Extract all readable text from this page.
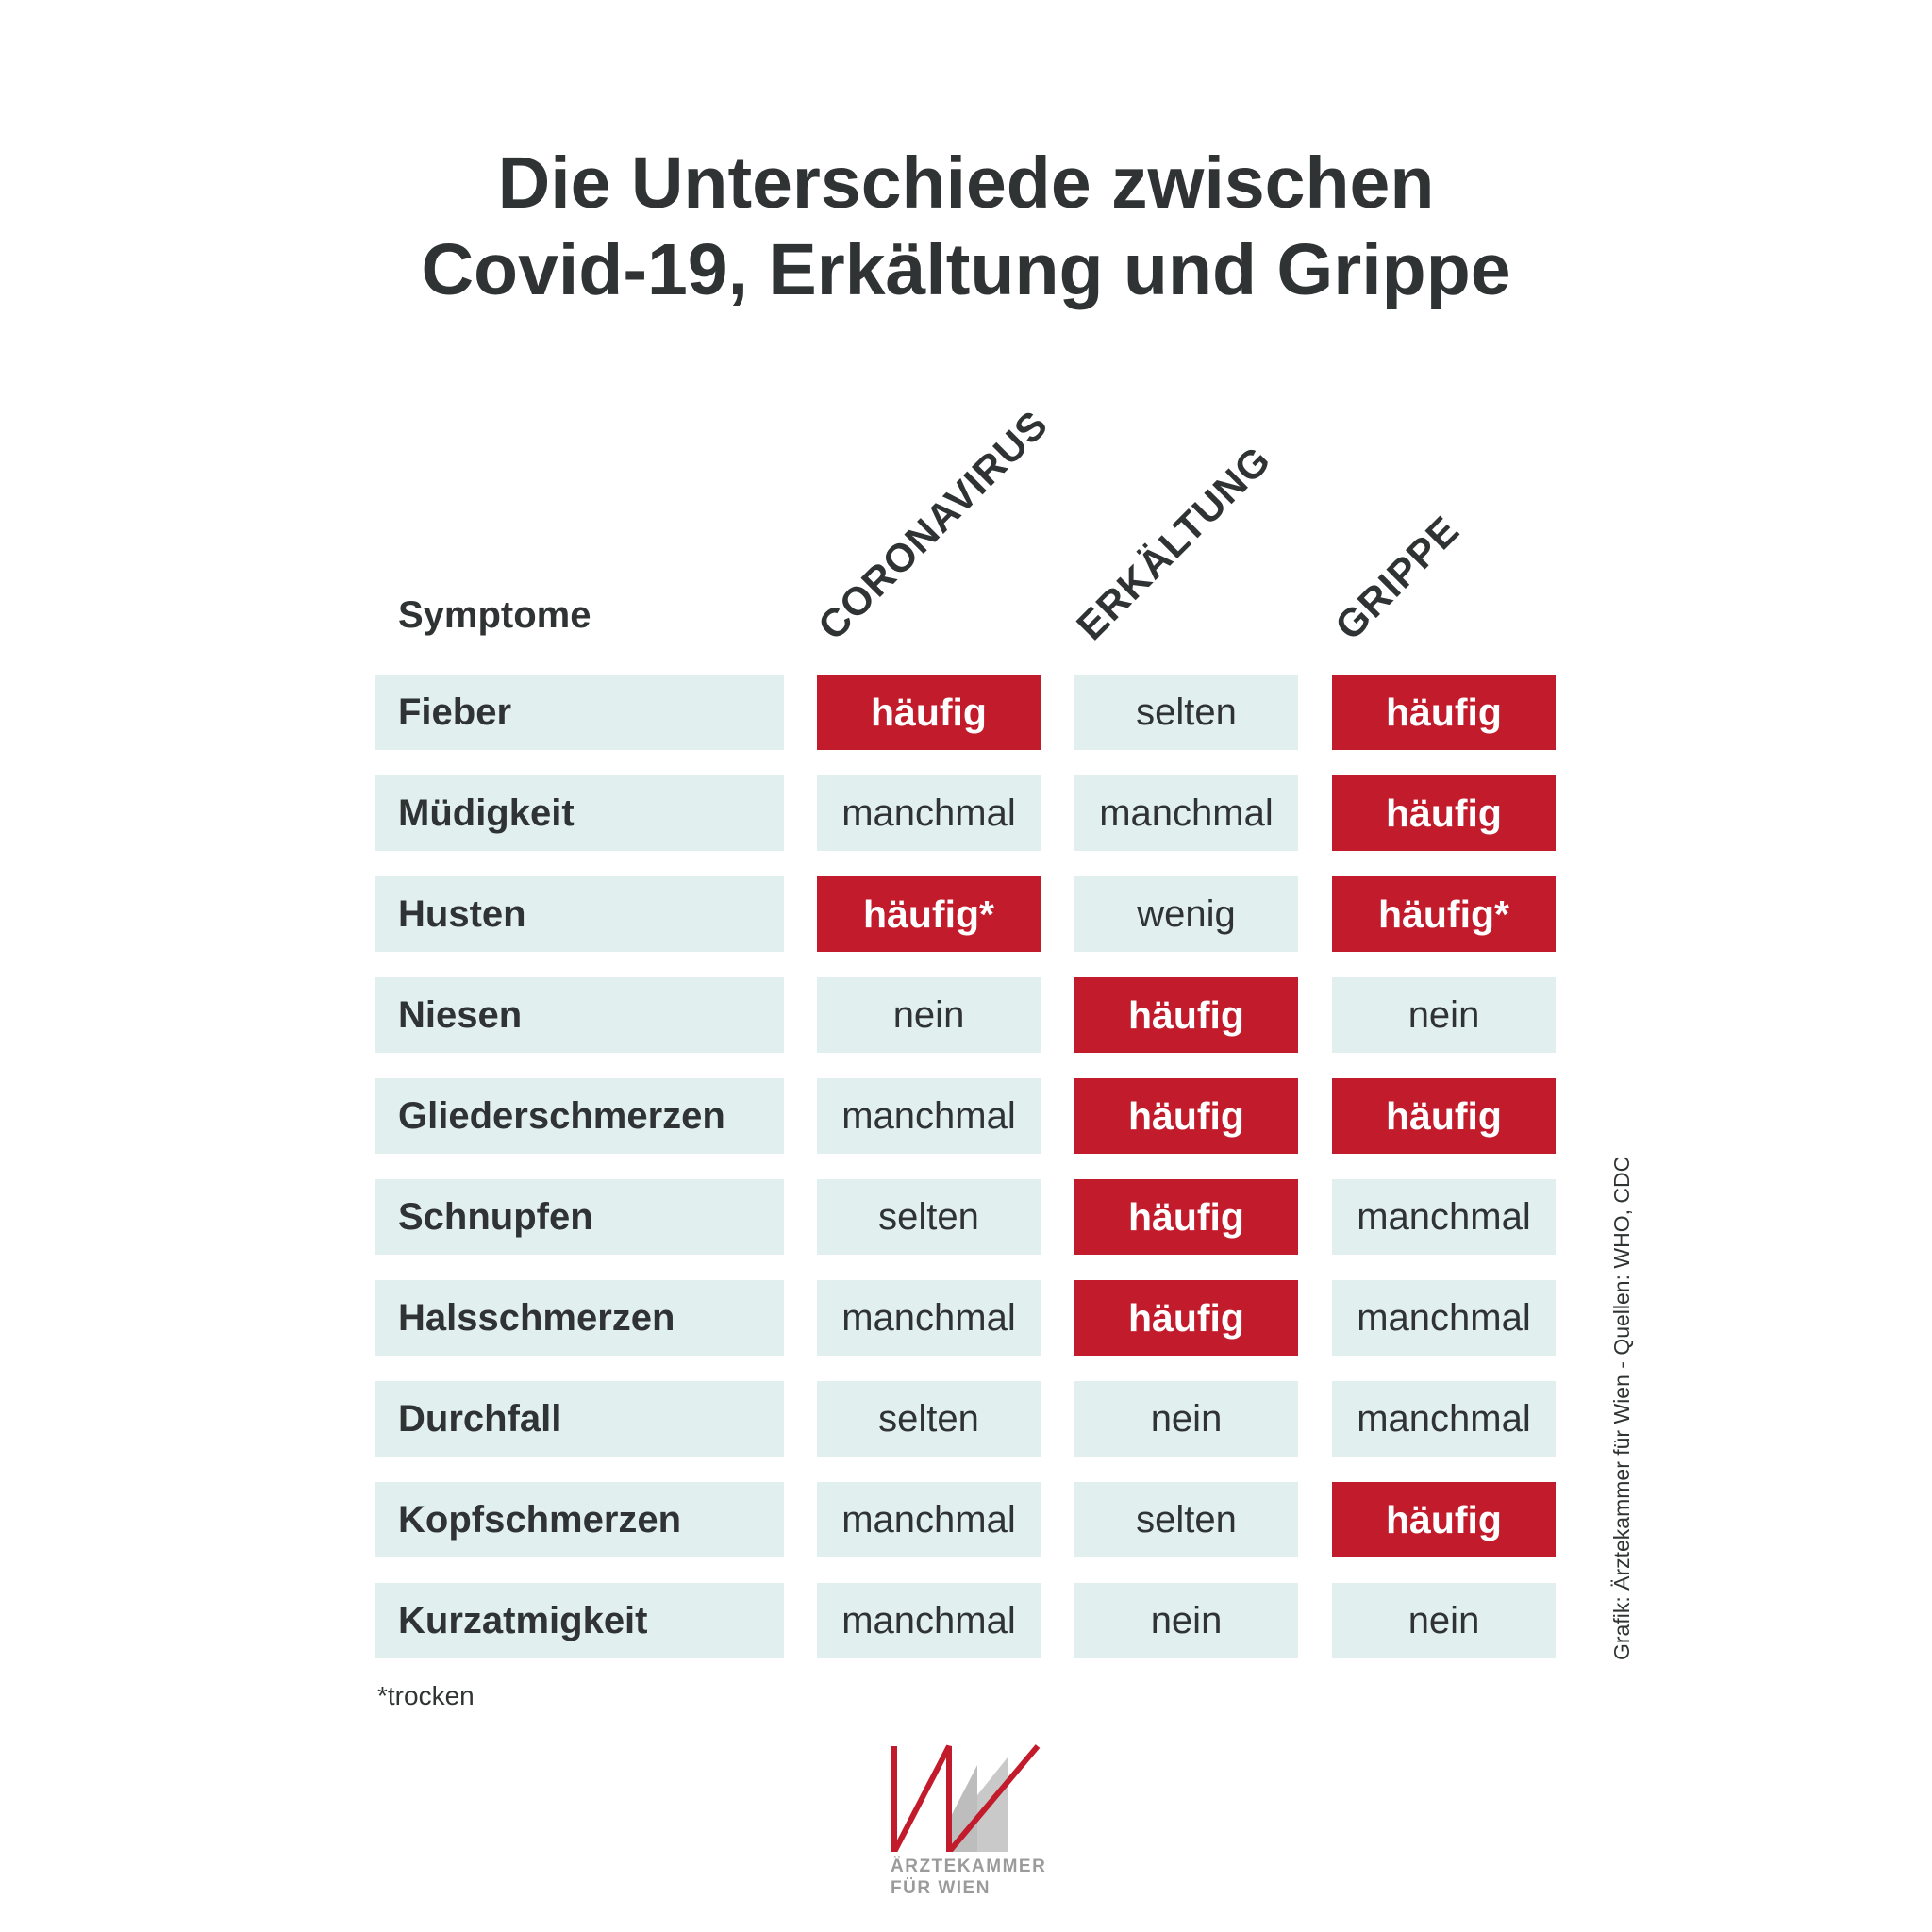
Die Unterschiede zwischen
Covid-19, Erkältung und Grippe
Symptome	CORONAVIRUS ERKÄLTUNG GRIPPE
Fieber	häufig	selten	häufig
Müdigkeit	manchmal	manchmal	häufig
Husten	häufig*	wenig	häufig*
Niesen	nein	häufig	nein
Gliederschmerzen	manchmal	häufig	häufig
Schnupfen	selten	häufig	manchmal
Halsschmerzen	manchmal	häufig	manchmal
Durchfall	selten	nein	manchmal
Kopfschmerzen	manchmal	selten	häufig
Kurzatmigkeit	manchmal	nein	nein
*trocken
Grafik: Ärztekammer für Wien - Quellen: WHO, CDC
ÄRZTEKAMMER
FÜR WIEN
